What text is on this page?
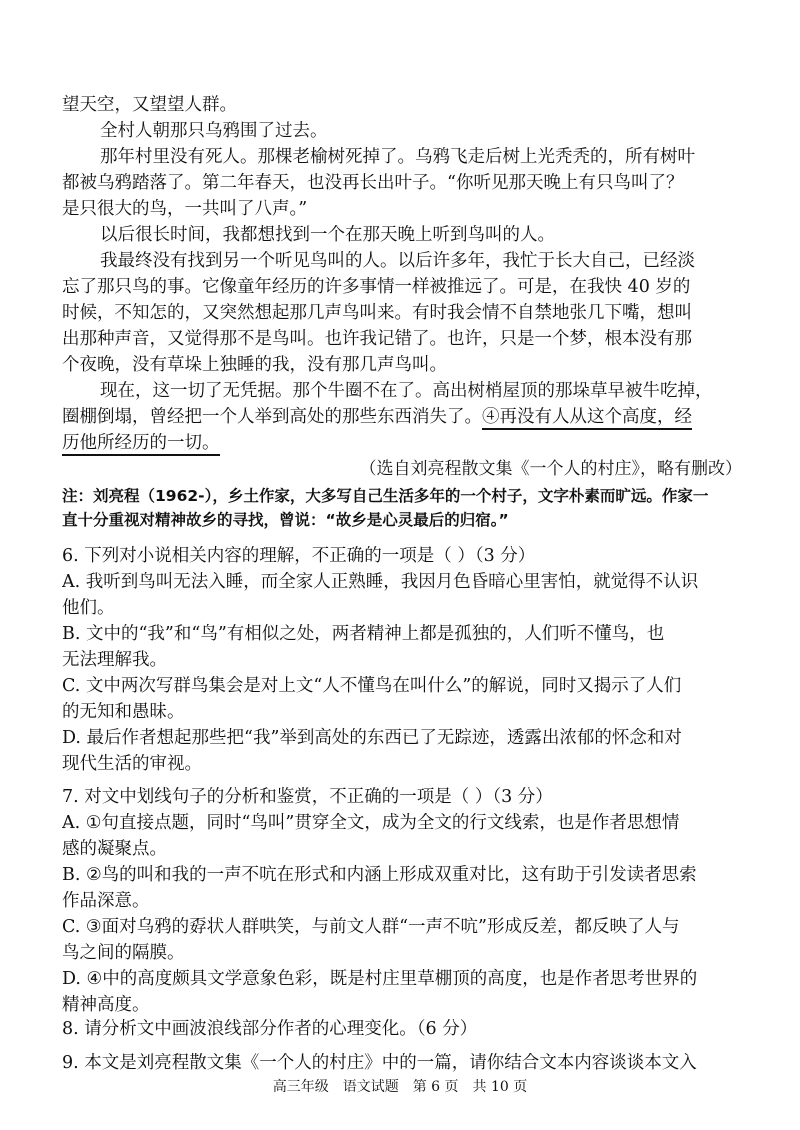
望天空，又望望人群。
全村人朝那只乌鸦围了过去。
那年村里没有死人。那棵老榆树死掉了。乌鸦飞走后树上光秃秃的，所有树叶
都被乌鸦踏落了。第二年春天，也没再长出叶子。“你听见那天晚上有只鸟叫了？
是只很大的鸟，一共叫了八声。”
以后很长时间，我都想找到一个在那天晚上听到鸟叫的人。
我最终没有找到另一个听见鸟叫的人。以后许多年，我忙于长大自己，已经淡
忘了那只鸟的事。它像童年经历的许多事情一样被推远了。可是，在我快 40 岁的
时候，不知怎的，又突然想起那几声鸟叫来。有时我会情不自禁地张几下嘴，想叫
出那种声音，又觉得那不是鸟叫。也许我记错了。也许，只是一个梦，根本没有那
个夜晚，没有草垛上独睡的我，没有那几声鸟叫。
现在，这一切了无凭据。那个牛圈不在了。高出树梢屋顶的那垛草早被牛吃掉，
圈棚倒塌，曾经把一个人举到高处的那些东西消失了。④再没有人从这个高度，经
历他所经历的一切。
（选自刘亮程散文集《一个人的村庄》，略有删改）
注：刘亮程（1962-），乡土作家，大多写自己生活多年的一个村子，文字朴素而旷远。作家一
直十分重视对精神故乡的寻找，曾说：“故乡是心灵最后的归宿。”
6. 下列对小说相关内容的理解，不正确的一项是（ ）（3 分）
A. 我听到鸟叫无法入睡，而全家人正熟睡，我因月色昏暗心里害怕，就觉得不认识
他们。
B. 文中的“我”和“鸟”有相似之处，两者精神上都是孤独的，人们听不懂鸟，也
无法理解我。
C. 文中两次写群鸟集会是对上文“人不懂鸟在叫什么”的解说，同时又揭示了人们
的无知和愚昧。
D. 最后作者想起那些把“我”举到高处的东西已了无踪迹，透露出浓郁的怀念和对
现代生活的审视。
7. 对文中划线句子的分析和鉴赏，不正确的一项是（ ）（3 分）
A. ①句直接点题，同时“鸟叫”贯穿全文，成为全文的行文线索，也是作者思想情
感的凝聚点。
B. ②鸟的叫和我的一声不吭在形式和内涵上形成双重对比，这有助于引发读者思索
作品深意。
C. ③面对乌鸦的孬状人群哄笑，与前文人群“一声不吭”形成反差，都反映了人与
鸟之间的隔膜。
D. ④中的高度颇具文学意象色彩，既是村庄里草棚顶的高度，也是作者思考世界的
精神高度。
8. 请分析文中画波浪线部分作者的心理变化。（6 分）
9. 本文是刘亮程散文集《一个人的村庄》中的一篇，请你结合文本内容谈谈本文入
高三年级　语文试题　第 6 页　共 10 页
